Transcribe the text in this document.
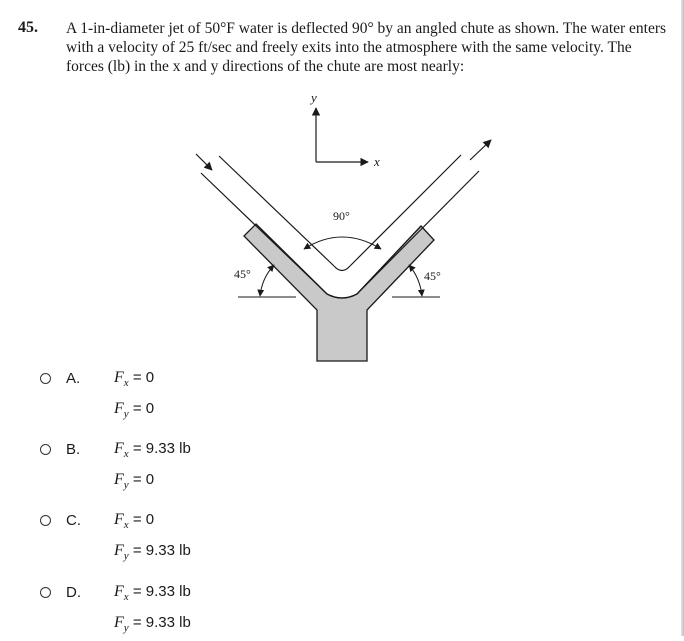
45. A 1-in-diameter jet of 50°F water is deflected 90° by an angled chute as shown. The water enters
with a velocity of 25 ft/sec and freely exits into the atmosphere with the same velocity. The
forces (lb) in the x and y directions of the chute are most nearly:
y
x
90°
45°	45°
A. $F_x = 0$
$F_y = 0$
B. $F_x = 9.33$ lb
$F_y = 0$
C. $F_x = 0$
$F_y = 9.33$ lb
D. $F_x = 9.33$ lb
$F_y = 9.33$ lb
